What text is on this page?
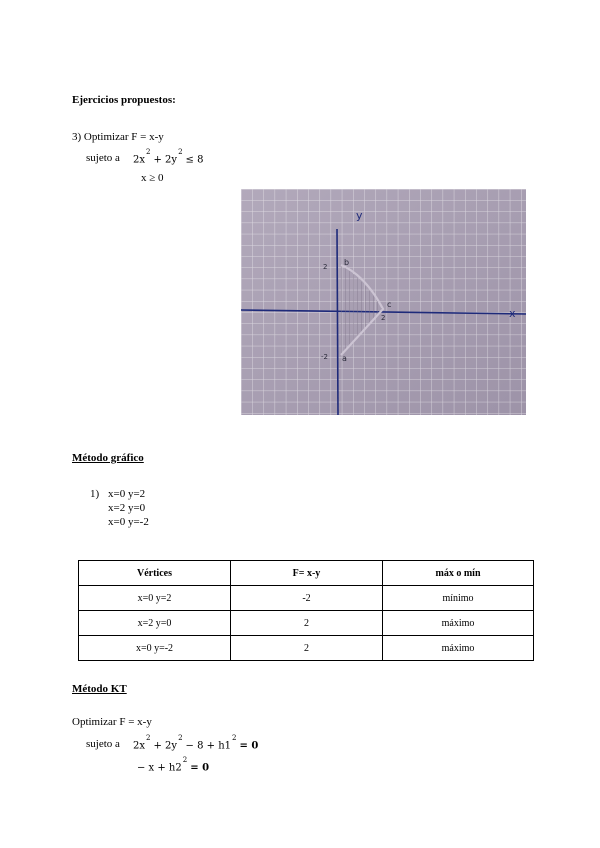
Ejercicios propuestos:
3) Optimizar F = x-y
sujeto a $2x^2+ 2y^2\le 8$
x ≥ 0
y
x
b
c
a
2
-2
2
Método gráfico
1) x=0 y=2
x=2 y=0
x=0 y=-2
Vértices	F= x-y	máx o mín
x=0 y=2	-2	mínimo
x=2 y=0	2	máximo
x=0 y=-2	2	máximo
Método KT
Optimizar F = x-y
sujeto a $2x^2+ 2y^2- 8 + h1^2= 0$
− $x + h2^2= 0$
